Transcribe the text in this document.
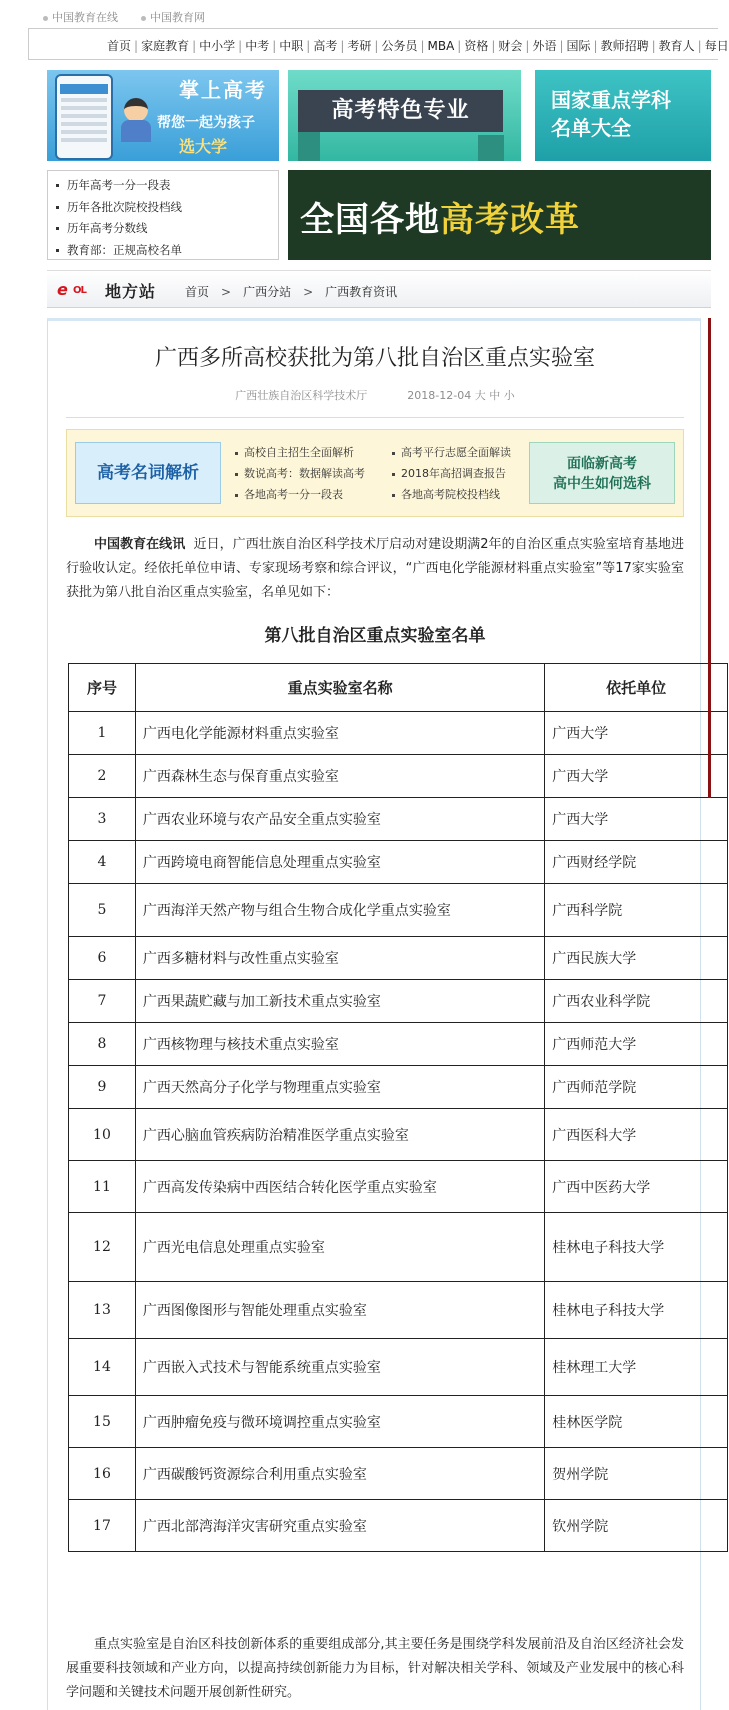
中国教育在线	中国教育网
首页 | 家庭教育 | 中小学 | 中考 | 中职 | 高考 | 考研 | 公务员 | MBA | 资格 | 财会 | 外语 | 国际 | 教师招聘 | 教育人 | 每日
掌上高考
帮您一起为孩子
选大学
高考特色专业	国家重点学科
名单大全
历年高考一分一段表
历年各批次院校投档线
历年高考分数线
教育部：正规高校名单
全国各地高考改革
e OL 地方站 首页 > 广西分站 > 广西教育资讯
广西多所高校获批为第八批自治区重点实验室
广西壮族自治区科学技术厅	2018-12-04 大 中 小
高考名词解析
高校自主招生全面解析
数说高考：数据解读高考
各地高考一分一段表
高考平行志愿全面解读
2018年高招调查报告
各地高考院校投档线
面临新高考
高中生如何选科

中国教育在线讯 近日，广西壮族自治区科学技术厅启动对建设期满2年的自治区重点实验室培育基地进行验收认定。经依托单位申请、专家现场考察和综合评议，“广西电化学能源材料重点实验室”等17家实验室获批为第八批自治区重点实验室，名单见如下：

第八批自治区重点实验室名单
序号	重点实验室名称	依托单位
1	广西电化学能源材料重点实验室	广西大学
2	广西森林生态与保育重点实验室	广西大学
3	广西农业环境与农产品安全重点实验室	广西大学
4	广西跨境电商智能信息处理重点实验室	广西财经学院
5	广西海洋天然产物与组合生物合成化学重点实验室	广西科学院
6	广西多糖材料与改性重点实验室	广西民族大学
7	广西果蔬贮藏与加工新技术重点实验室	广西农业科学院
8	广西核物理与核技术重点实验室	广西师范大学
9	广西天然高分子化学与物理重点实验室	广西师范学院
10	广西心脑血管疾病防治精准医学重点实验室	广西医科大学
11	广西高发传染病中西医结合转化医学重点实验室	广西中医药大学
12	广西光电信息处理重点实验室	桂林电子科技大学
13	广西图像图形与智能处理重点实验室	桂林电子科技大学
14	广西嵌入式技术与智能系统重点实验室	桂林理工大学
15	广西肿瘤免疫与微环境调控重点实验室	桂林医学院
16	广西碳酸钙资源综合利用重点实验室	贺州学院
17	广西北部湾海洋灾害研究重点实验室	钦州学院

重点实验室是自治区科技创新体系的重要组成部分,其主要任务是围绕学科发展前沿及自治区经济社会发展重要科技领域和产业方向，以提高持续创新能力为目标，针对解决相关学科、领域及产业发展中的核心科学问题和关键技术问题开展创新性研究。
